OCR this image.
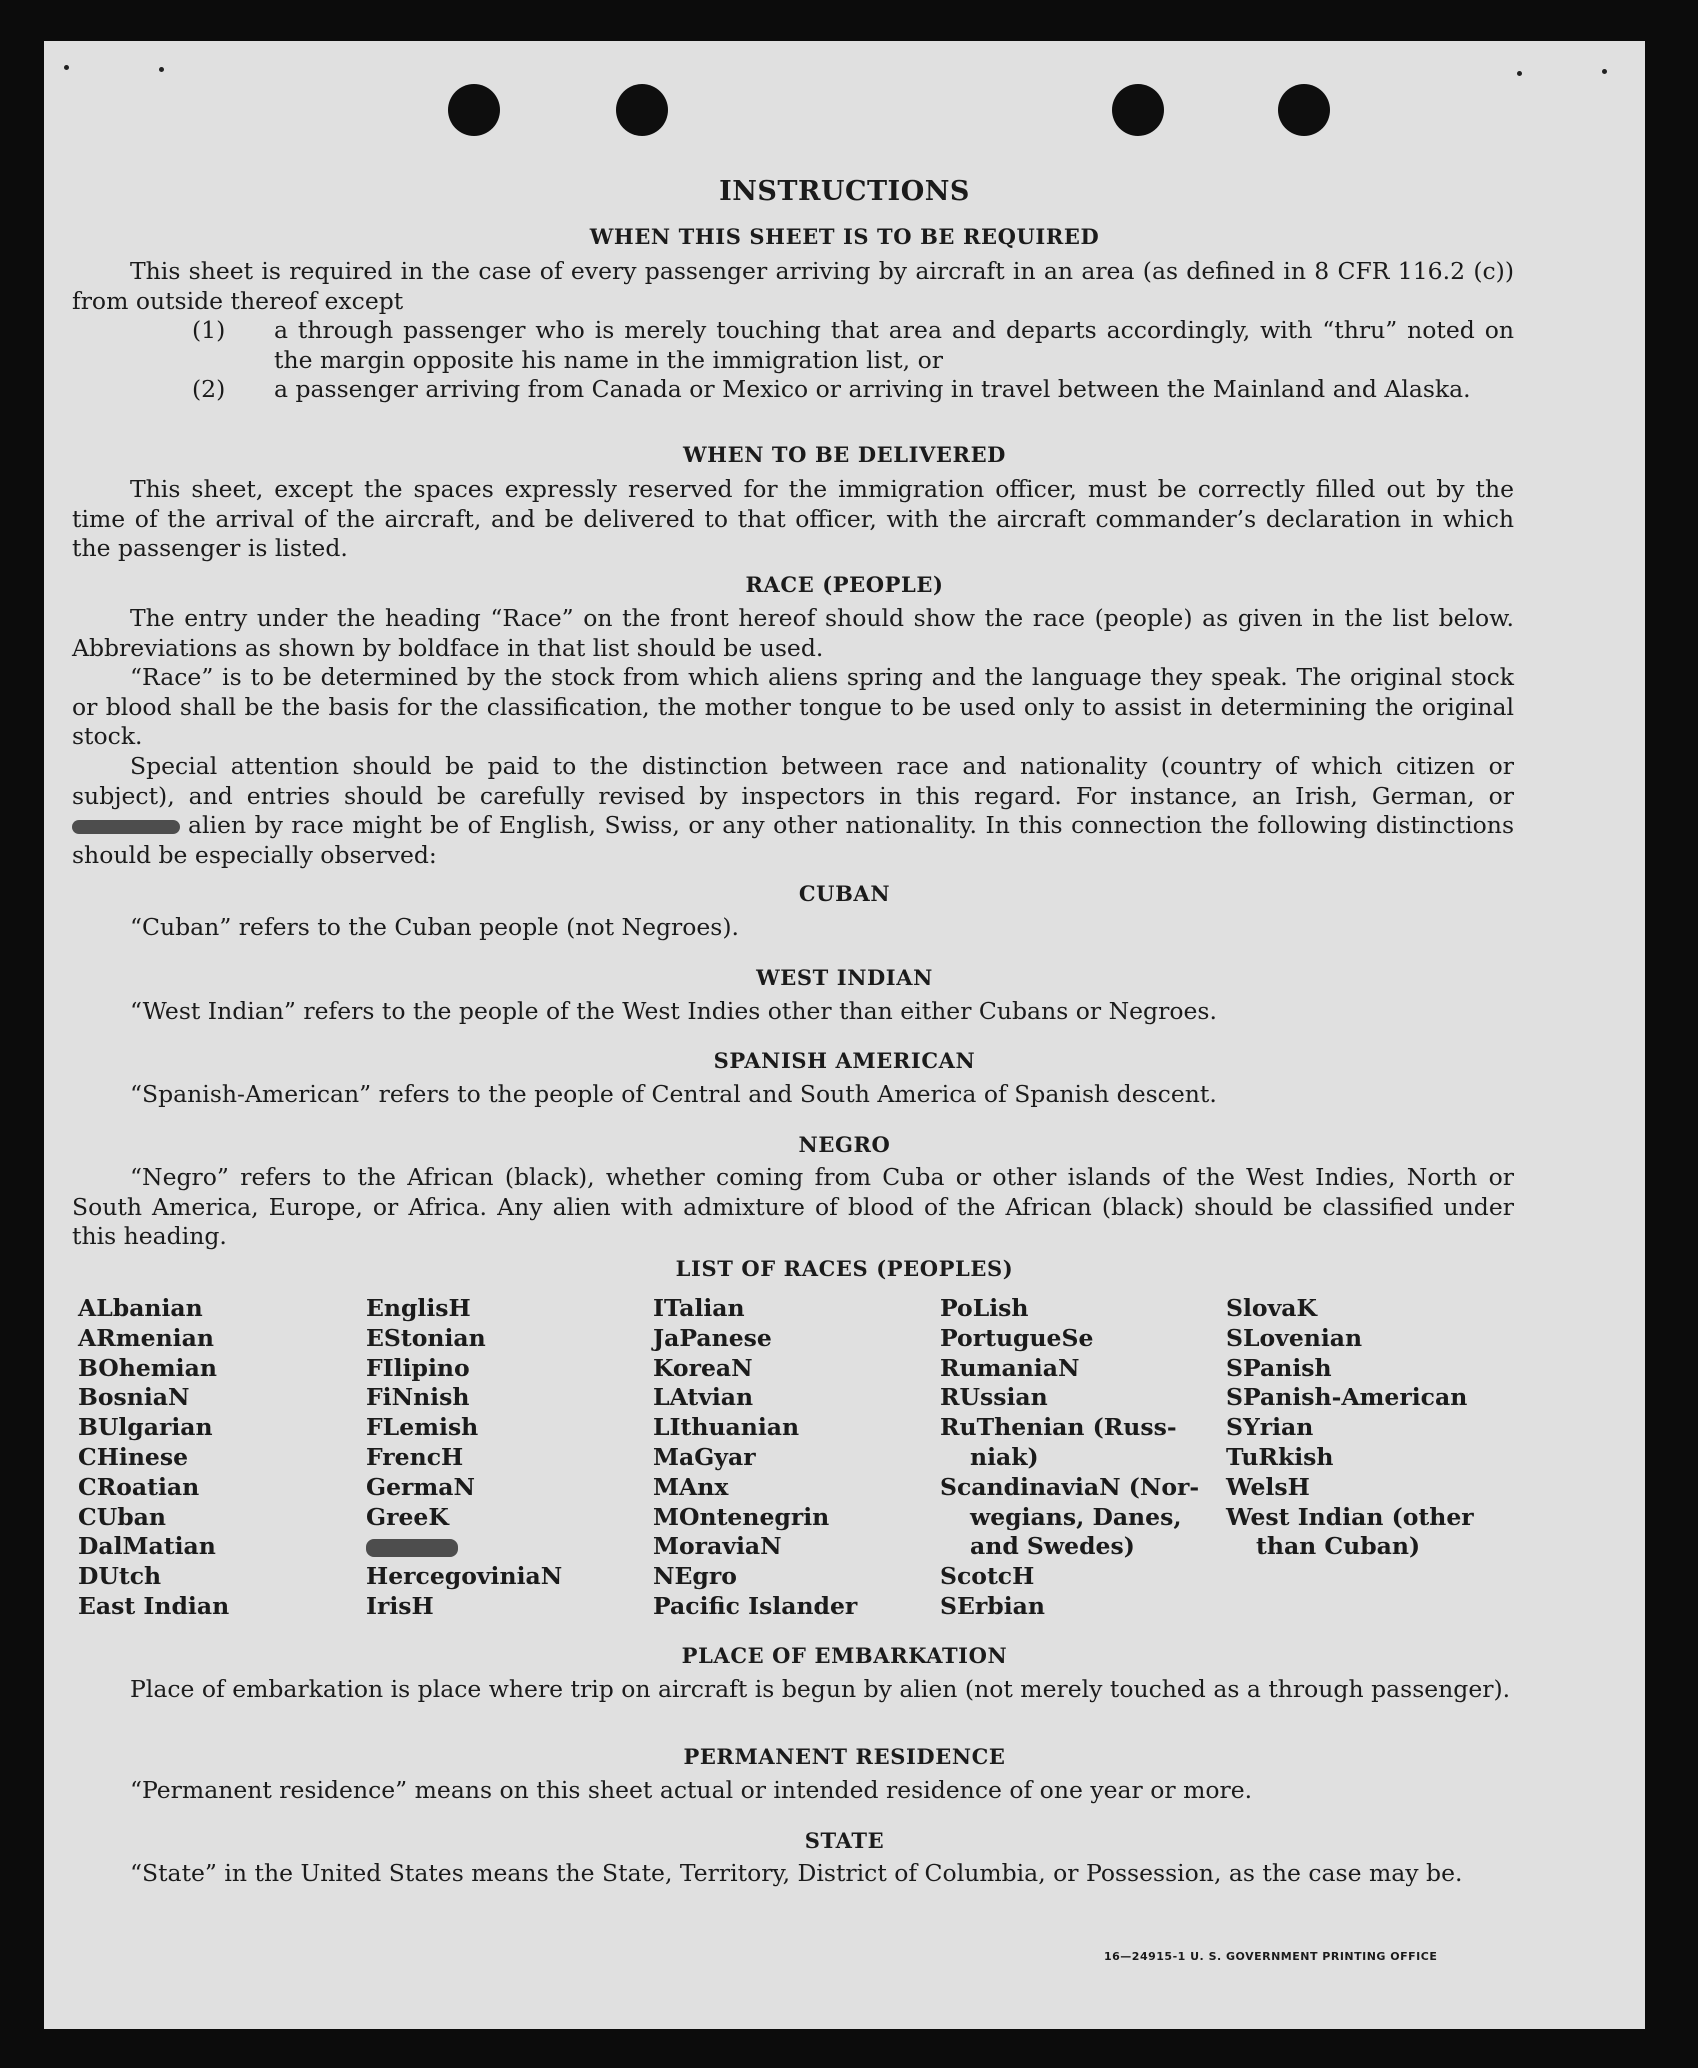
INSTRUCTIONS
WHEN THIS SHEET IS TO BE REQUIRED

This sheet is required in the case of every passenger arriving by aircraft in an area (as defined in 8 CFR 116.2 (c)) from outside thereof except

(1)	a through passenger who is merely touching that area and departs accordingly, with “thru” noted on the margin opposite his name in the immigration list, or
(2)	a passenger arriving from Canada or Mexico or arriving in travel between the Mainland and Alaska.
WHEN TO BE DELIVERED

This sheet, except the spaces expressly reserved for the immigration officer, must be correctly filled out by the time of the arrival of the aircraft, and be delivered to that officer, with the aircraft commander’s declaration in which the passenger is listed.

RACE (PEOPLE)

The entry under the heading “Race” on the front hereof should show the race (people) as given in the list below. Abbreviations as shown by boldface in that list should be used.

“Race” is to be determined by the stock from which aliens spring and the language they speak. The original stock or blood shall be the basis for the classification, the mother tongue to be used only to assist in determining the original stock.

Special attention should be paid to the distinction between race and nationality (country of which citizen or subject), and entries should be carefully revised by inspectors in this regard. For instance, an Irish, German, or alien by race might be of English, Swiss, or any other nationality. In this connection the following distinctions should be especially observed:

CUBAN

“Cuban” refers to the Cuban people (not Negroes).

WEST INDIAN

“West Indian” refers to the people of the West Indies other than either Cubans or Negroes.

SPANISH AMERICAN

“Spanish-American” refers to the people of Central and South America of Spanish descent.

NEGRO

“Negro” refers to the African (black), whether coming from Cuba or other islands of the West Indies, North or South America, Europe, or Africa. Any alien with admixture of blood of the African (black) should be classified under this heading.

LIST OF RACES (PEOPLES)
ALbanian
ARmenian
BOhemian
BosniaN
BUlgarian
CHinese
CRoatian
CUban
DalMatian
DUtch
East Indian
EnglisH
EStonian
FIlipino
FiNnish
FLemish
FrencH
GermaN
GreeK
HercegoviniaN
IrisH
ITalian
JaPanese
KoreaN
LAtvian
LIthuanian
MaGyar
MAnx
MOntenegrin
MoraviaN
NEgro
Pacific Islander
PoLish
PortugueSe
RumaniaN
RUssian
RuThenian (Russ-
niak)
ScandinaviaN (Nor-
wegians, Danes,
and Swedes)
ScotcH
SErbian
SlovaK
SLovenian
SPanish
SPanish-American
SYrian
TuRkish
WelsH
West Indian (other
than Cuban)
PLACE OF EMBARKATION

Place of embarkation is place where trip on aircraft is begun by alien (not merely touched as a through passenger).

PERMANENT RESIDENCE

“Permanent residence” means on this sheet actual or intended residence of one year or more.

STATE

“State” in the United States means the State, Territory, District of Columbia, or Possession, as the case may be.

16—24915-1 U. S. GOVERNMENT PRINTING OFFICE
